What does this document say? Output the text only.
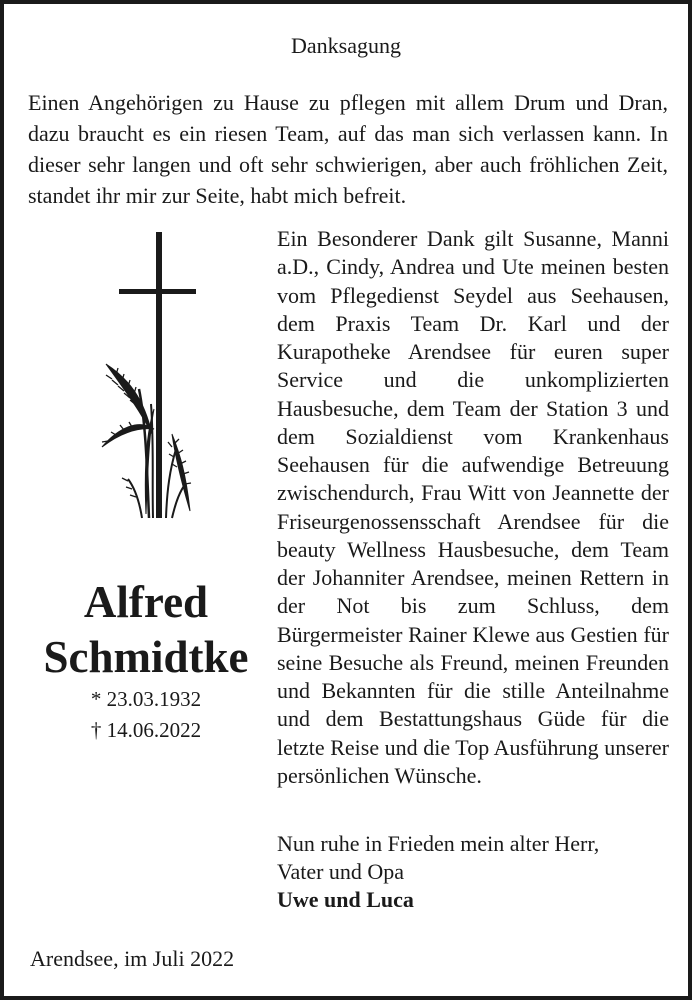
Danksagung

Einen Angehörigen zu Hause zu pflegen mit allem Drum und Dran, dazu braucht es ein riesen Team, auf das man sich verlassen kann. In dieser sehr langen und oft sehr schwierigen, aber auch fröhlichen Zeit, standet ihr mir zur Seite, habt mich befreit.

Alfred
Schmidtke
* 23.03.1932
† 14.06.2022

Ein Besonderer Dank gilt Susanne, Manni a.D., Cindy, Andrea und Ute meinen besten vom Pflegedienst Seydel aus Seehausen, dem Praxis Team Dr. Karl und der Kurapotheke Arendsee für euren super Service und die unkomplizierten Hausbesuche, dem Team der Station 3 und dem Sozialdienst vom Krankenhaus Seehausen für die aufwendige Betreuung zwischendurch, Frau Witt von Jeannette der Friseurgenossensschaft Arendsee für die beauty Wellness Hausbesuche, dem Team der Johanniter Arendsee, meinen Rettern in der Not bis zum Schluss, dem Bürgermeister Rainer Klewe aus Gestien für seine Besuche als Freund, meinen Freunden und Bekannten für die stille Anteilnahme und dem Bestattungshaus Güde für die letzte Reise und die Top Ausführung unserer persönlichen Wünsche.

Nun ruhe in Frieden mein alter Herr,
Vater und Opa
Uwe und Luca
Arendsee, im Juli 2022
